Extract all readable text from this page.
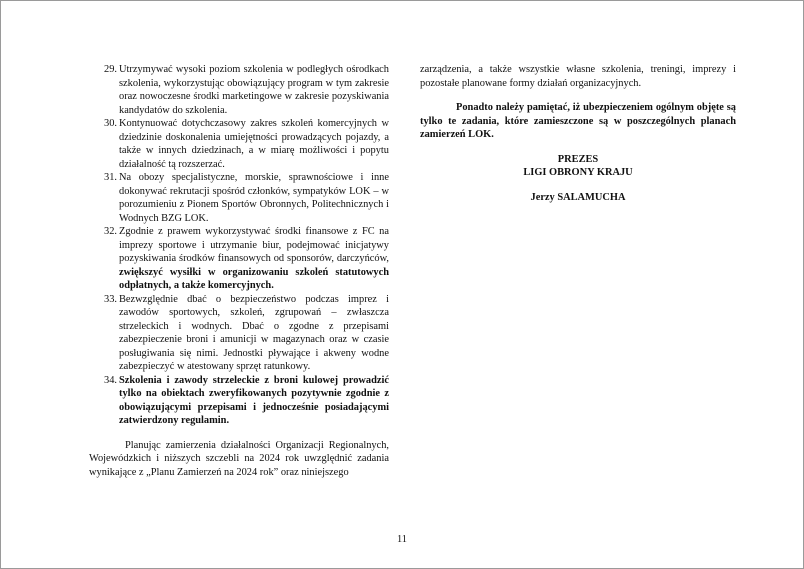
29. Utrzymywać wysoki poziom szkolenia w podległych ośrodkach szkolenia, wykorzystując obowiązujący program w tym zakresie oraz nowoczesne środki marketingowe w zakresie pozyskiwania kandydatów do szkolenia.
30. Kontynuować dotychczasowy zakres szkoleń komercyjnych w dziedzinie doskonalenia umiejętności prowadzących pojazdy, a także w innych dziedzinach, a w miarę możliwości i popytu działalność tą rozszerzać.
31. Na obozy specjalistyczne, morskie, sprawnościowe i inne dokonywać rekrutacji spośród członków, sympatyków LOK – w porozumieniu z Pionem Sportów Obronnych, Politechnicznych i Wodnych BZG LOK.
32. Zgodnie z prawem wykorzystywać środki finansowe z FC na imprezy sportowe i utrzymanie biur, podejmować inicjatywy pozyskiwania środków finansowych od sponsorów, darczyńców, zwiększyć wysiłki w organizowaniu szkoleń statutowych odpłatnych, a także komercyjnych.
33. Bezwzględnie dbać o bezpieczeństwo podczas imprez i zawodów sportowych, szkoleń, zgrupowań – zwłaszcza strzeleckich i wodnych. Dbać o zgodne z przepisami zabezpieczenie broni i amunicji w magazynach oraz w czasie posługiwania się nimi. Jednostki pływające i akweny wodne zabezpieczyć w atestowany sprzęt ratunkowy.
34. Szkolenia i zawody strzeleckie z broni kulowej prowadzić tylko na obiektach zweryfikowanych pozytywnie zgodnie z obowiązującymi przepisami i jednocześnie posiadającymi zatwierdzony regulamin.

Planując zamierzenia działalności Organizacji Regionalnych, Wojewódzkich i niższych szczebli na 2024 rok uwzględnić zadania wynikające z „Planu Zamierzeń na 2024 rok” oraz niniejszego

zarządzenia, a także wszystkie własne szkolenia, treningi, imprezy i pozostałe planowane formy działań organizacyjnych.

Ponadto należy pamiętać, iż ubezpieczeniem ogólnym objęte są tylko te zadania, które zamieszczone są w poszczególnych planach zamierzeń LOK.

PREZES
LIGI OBRONY KRAJU
Jerzy SALAMUCHA
11
